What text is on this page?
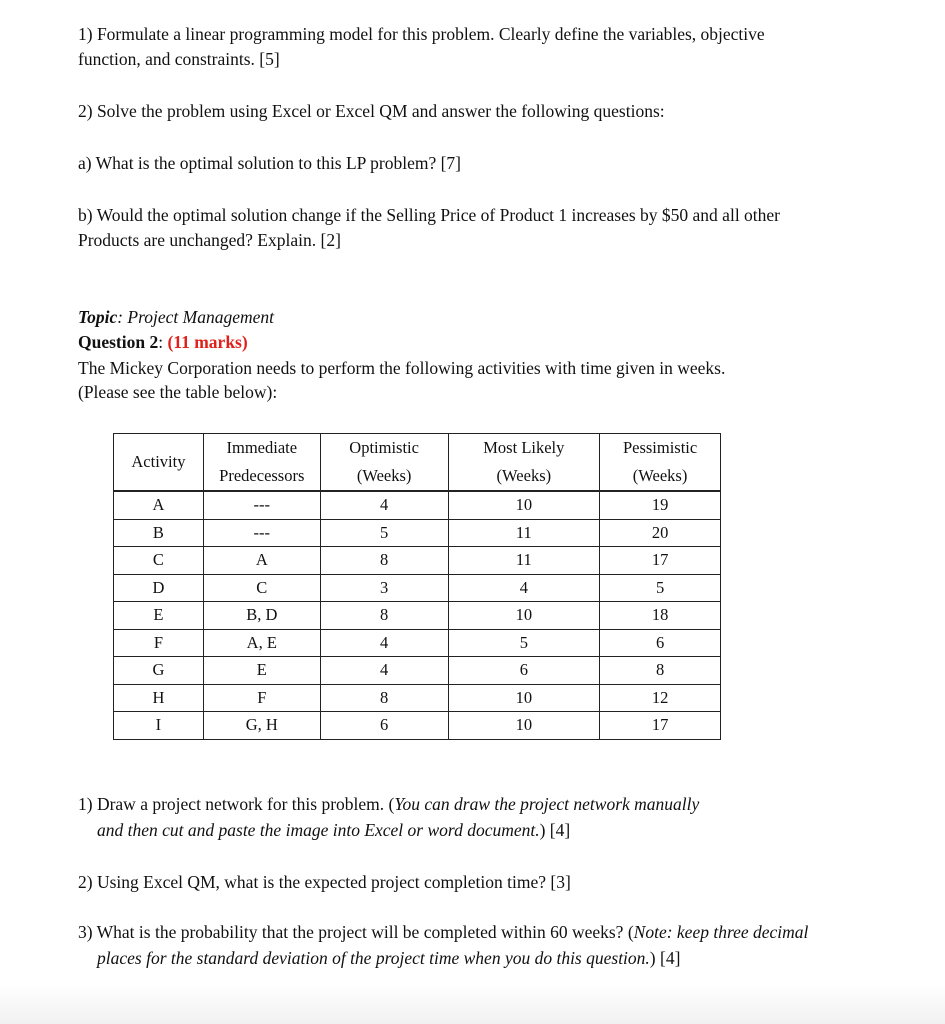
1) Formulate a linear programming model for this problem. Clearly define the variables, objective
function, and constraints. [5]
2) Solve the problem using Excel or Excel QM and answer the following questions:
a) What is the optimal solution to this LP problem? [7]
b) Would the optimal solution change if the Selling Price of Product 1 increases by $50 and all other
Products are unchanged? Explain. [2]
Topic: Project Management
Question 2: (11 marks)
The Mickey Corporation needs to perform the following activities with time given in weeks.
(Please see the table below):
Activity	Immediate	Optimistic	Most Likely	Pessimistic
	Predecessors	(Weeks)	(Weeks)	(Weeks)
A	---	4	10	19
B	---	5	11	20
C	A	8	11	17
D	C	3	4	5
E	B, D	8	10	18
F	A, E	4	5	6
G	E	4	6	8
H	F	8	10	12
I	G, H	6	10	17
1) Draw a project network for this problem. (You can draw the project network manually
and then cut and paste the image into Excel or word document.) [4]
2) Using Excel QM, what is the expected project completion time? [3]
3) What is the probability that the project will be completed within 60 weeks? (Note: keep three decimal
places for the standard deviation of the project time when you do this question.) [4]
